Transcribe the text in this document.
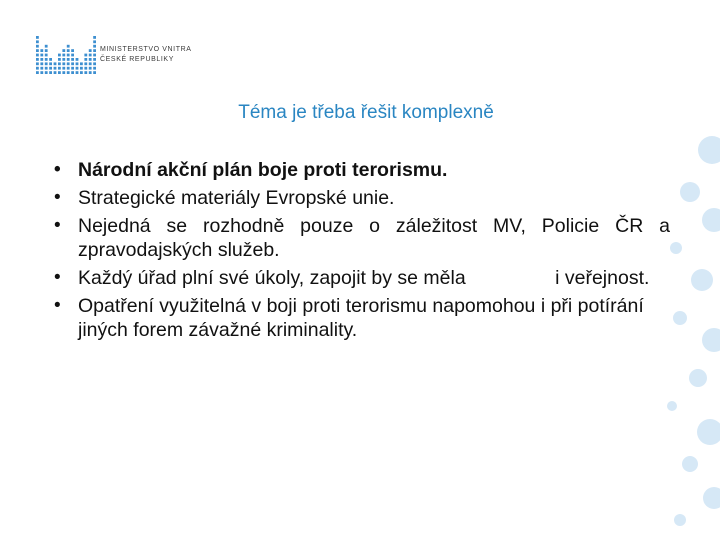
MINISTERSTVO VNITRA
ČESKÉ REPUBLIKY
Téma je třeba řešit komplexně
• Národní akční plán boje proti terorismu.
• Strategické materiály Evropské unie.
• Nejedná se rozhodně pouze o záležitost MV, Policie ČR a zpravodajských služeb.
• Každý úřad plní své úkoly, zapojit by se měla	i veřejnost.
• Opatření využitelná v boji proti terorismu napomohou i při potírání jiných forem závažné kriminality.
